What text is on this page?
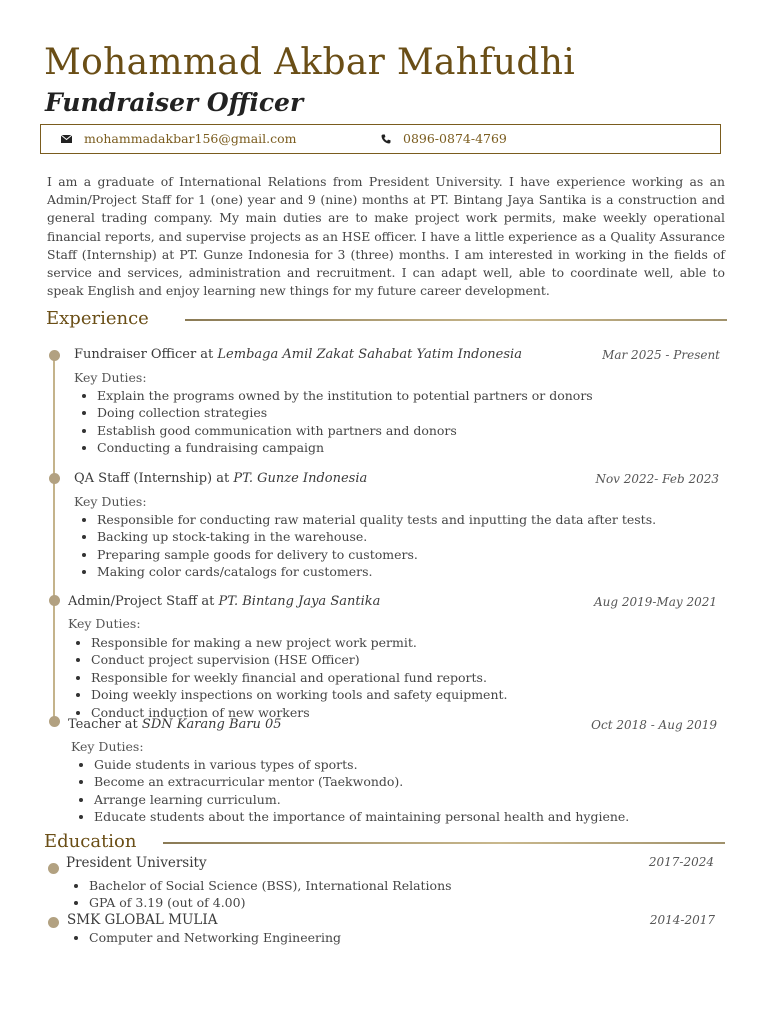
Mohammad Akbar Mahfudhi
Fundraiser Officer
mohammadakbar156@gmail.com	0896-0874-4769

I am a graduate of International Relations from President University. I have experience working as an Admin/Project Staff for 1 (one) year and 9 (nine) months at PT. Bintang Jaya Santika is a construction and general trading company. My main duties are to make project work permits, make weekly operational financial reports, and supervise projects as an HSE officer. I have a little experience as a Quality Assurance Staff (Internship) at PT. Gunze Indonesia for 3 (three) months. I am interested in working in the fields of service and services, administration and recruitment. I can adapt well, able to coordinate well, able to speak English and enjoy learning new things for my future career development.

Experience
Fundraiser Officer at Lembaga Amil Zakat Sahabat Yatim Indonesia	Mar 2025 - Present
Key Duties:
Explain the programs owned by the institution to potential partners or donors
Doing collection strategies
Establish good communication with partners and donors
Conducting a fundraising campaign
QA Staff (Internship) at PT. Gunze Indonesia	Nov 2022- Feb 2023
Key Duties:
Responsible for conducting raw material quality tests and inputting the data after tests.
Backing up stock-taking in the warehouse.
Preparing sample goods for delivery to customers.
Making color cards/catalogs for customers.
Admin/Project Staff at PT. Bintang Jaya Santika	Aug 2019-May 2021
Key Duties:
Responsible for making a new project work permit.
Conduct project supervision (HSE Officer)
Responsible for weekly financial and operational fund reports.
Doing weekly inspections on working tools and safety equipment.
Conduct induction of new workers
Teacher at SDN Karang Baru 05	Oct 2018 - Aug 2019
Key Duties:
Guide students in various types of sports.
Become an extracurricular mentor (Taekwondo).
Arrange learning curriculum.
Educate students about the importance of maintaining personal health and hygiene.
Education
President University	2017-2024
Bachelor of Social Science (BSS), International Relations
GPA of 3.19 (out of 4.00)
SMK GLOBAL MULIA	2014-2017
Computer and Networking Engineering
